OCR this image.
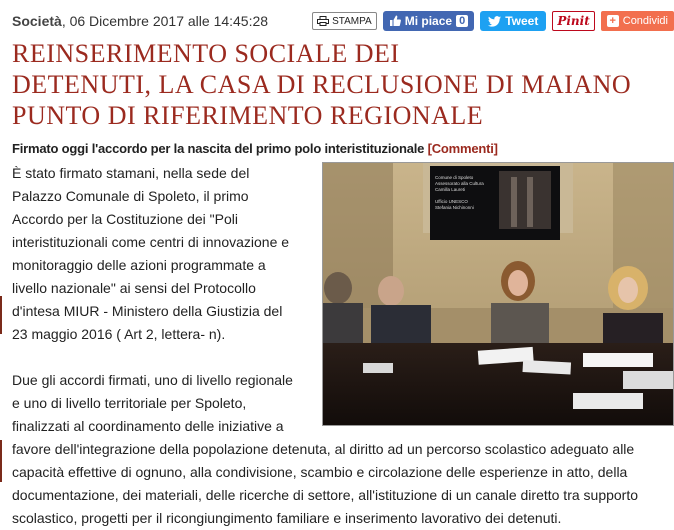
Società, 06 Dicembre 2017 alle 14:45:28	STAMPA	Mi piace 0	Tweet Pinit + Condividi
REINSERIMENTO SOCIALE DEI
DETENUTI, LA CASA DI RECLUSIONE DI MAIANO
PUNTO DI RIFERIMENTO REGIONALE
Firmato oggi l'accordo per la nascita del primo polo interistituzionale [Commenti]
Comune di Spoleto
Assessorato alla Cultura
Camilla Laureti
Ufficio UNESCO
Stefania Nichinonni

È stato firmato stamani, nella sede del
Palazzo Comunale di Spoleto, il primo
Accordo per la Costituzione dei "Poli
interistituzionali come centri di innovazione e
monitoraggio delle azioni programmate a
livello nazionale" ai sensi del Protocollo
d'intesa MIUR - Ministero della Giustizia del
23 maggio 2016 ( Art 2, lettera- n).

Due gli accordi firmati, uno di livello regionale
e uno di livello territoriale per Spoleto,
finalizzati al coordinamento delle iniziative a
favore dell'integrazione della popolazione detenuta, al diritto ad un percorso scolastico adeguato alle
capacità effettive di ognuno, alla condivisione, scambio e circolazione delle esperienze in atto, della
documentazione, dei materiali, delle ricerche di settore, all'istituzione di un canale diretto tra supporto
scolastico, progetti per il ricongiungimento familiare e inserimento lavorativo dei detenuti.
